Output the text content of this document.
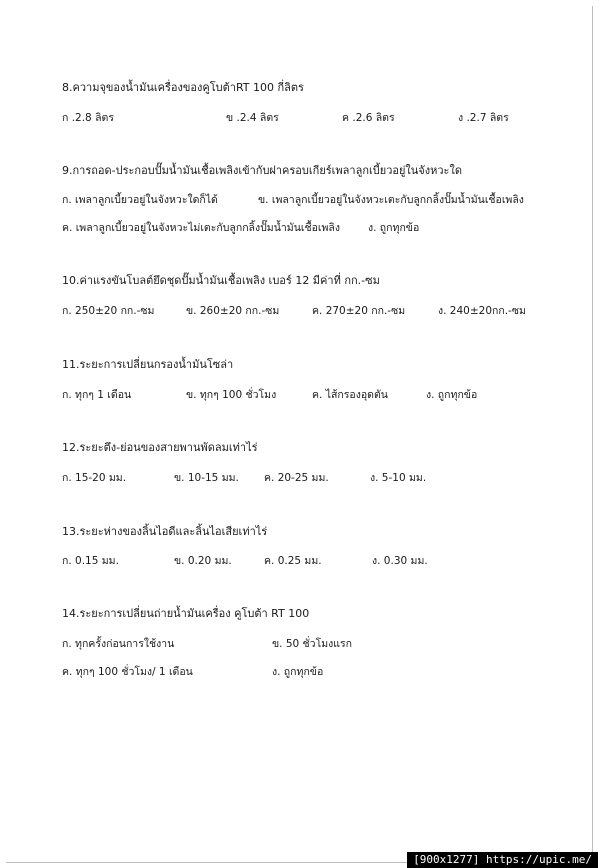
8.ความจุของน้ำมันเครื่องของคูโบต้าRT 100 กี่ลิตร
ก .2.8 ลิตร	ข .2.4 ลิตร	ค .2.6 ลิตร	ง .2.7 ลิตร
9.การถอด-ประกอบปั๊มน้ำมันเชื้อเพลิงเข้ากับฝาครอบเกียร์เพลาลูกเบี้ยวอยู่ในจังหวะใด
ก. เพลาลูกเบี้ยวอยู่ในจังหวะใดก็ได้	ข. เพลาลูกเบี้ยวอยู่ในจังหวะเตะกับลูกกลิ้งปั๊มน้ำมันเชื้อเพลิง
ค. เพลาลูกเบี้ยวอยู่ในจังหวะไม่เตะกับลูกกลิ้งปั๊มน้ำมันเชื้อเพลิง	ง. ถูกทุกข้อ
10.ค่าแรงขันโบลต์ยึดชุดปั๊มน้ำมันเชื้อเพลิง เบอร์ 12 มีค่าที่ กก.-ซม
ก. 250±20 กก.-ซม	ข. 260±20 กก.-ซม	ค. 270±20 กก.-ซม	ง. 240±20กก.-ซม
11.ระยะการเปลี่ยนกรองน้ำมันโซล่า
ก. ทุกๆ 1 เดือน	ข. ทุกๆ 100 ชั่วโมง	ค. ไส้กรองอุดตัน	ง. ถูกทุกข้อ
12.ระยะตึง-ย่อนของสายพานพัดลมเท่าไร่
ก. 15-20 มม.	ข. 10-15 มม. ค. 20-25 มม.	ง. 5-10 มม.
13.ระยะห่างของลิ้นไอดีและลิ้นไอเสียเท่าไร่
ก. 0.15 มม.	ข. 0.20 มม.	ค. 0.25 มม.	ง. 0.30 มม.
14.ระยะการเปลี่ยนถ่ายน้ำมันเครื่อง คูโบต้า RT 100
ก. ทุกครั้งก่อนการใช้งาน	ข. 50 ชั่วโมงแรก
ค. ทุกๆ 100 ชั่วโมง/ 1 เดือน	ง. ถูกทุกข้อ
[900x1277] https://upic.me/
